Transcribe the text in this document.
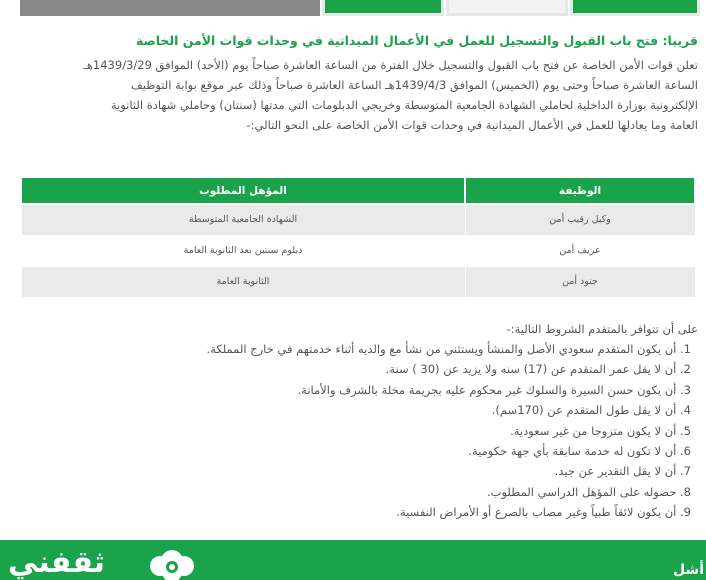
قريبا: فتح باب القبول والتسجيل للعمل في الأعمال الميدانية في وحدات قوات الأمن الخاصة

تعلن قوات الأمن الخاصة عن فتح باب القبول والتسجيل خلال الفترة من الساعة العاشرة صباحاً يوم (الأحد) الموافق 1439/3/29هـ

الساعة العاشرة صباحاً وحتى يوم (الخميس) الموافق 1439/4/3هـ الساعة العاشرة صباحاً وذلك عبر موقع بوابة التوظيف

الإلكترونية بوزارة الداخلية لحاملي الشهادة الجامعية المتوسطة وخريجي الدبلومات التي مدتها (سنتان) وحاملي شهادة الثانوية

العامة وما يعادلها للعمل في الأعمال الميدانية في وحدات قوات الأمن الخاصة على النحو التالي:-

الوظيفة	المؤهل المطلوب
وكيل رقيب أمن	الشهادة الجامعية المتوسطة
عريف أمن	دبلوم سنتين بعد الثانوية العامة
جنود أمن	الثانوية العامة

على أن تتوافر بالمتقدم الشروط التالية:-

1. أن يكون المتقدم سعودي الأصل والمنشأ ويستثني من نشأ مع والديه أثناء خدمتهم في خارج المملكة.
2. أن لا يقل عمر المتقدم عن (17) سنه ولا يزيد عن (30 ) سنة.
3. أن يكون حسن السيرة والسلوك غير محكوم عليه بجريمة مخلة بالشرف والأمانة.
4. أن لا يقل طول المتقدم عن (170سم).
5. أن لا يكون متزوجا من غير سعودية.
6. أن لا تكون له خدمة سابقة بأي جهة حكومية.
7. أن لا يقل التقدير عن جيد.
8. حصوله على المؤهل الدراسي المطلوب.
9. أن يكون لائقاً طبياً وغير مصاب بالصرع أو الأمراض النفسية.
ثقفني	أشل
